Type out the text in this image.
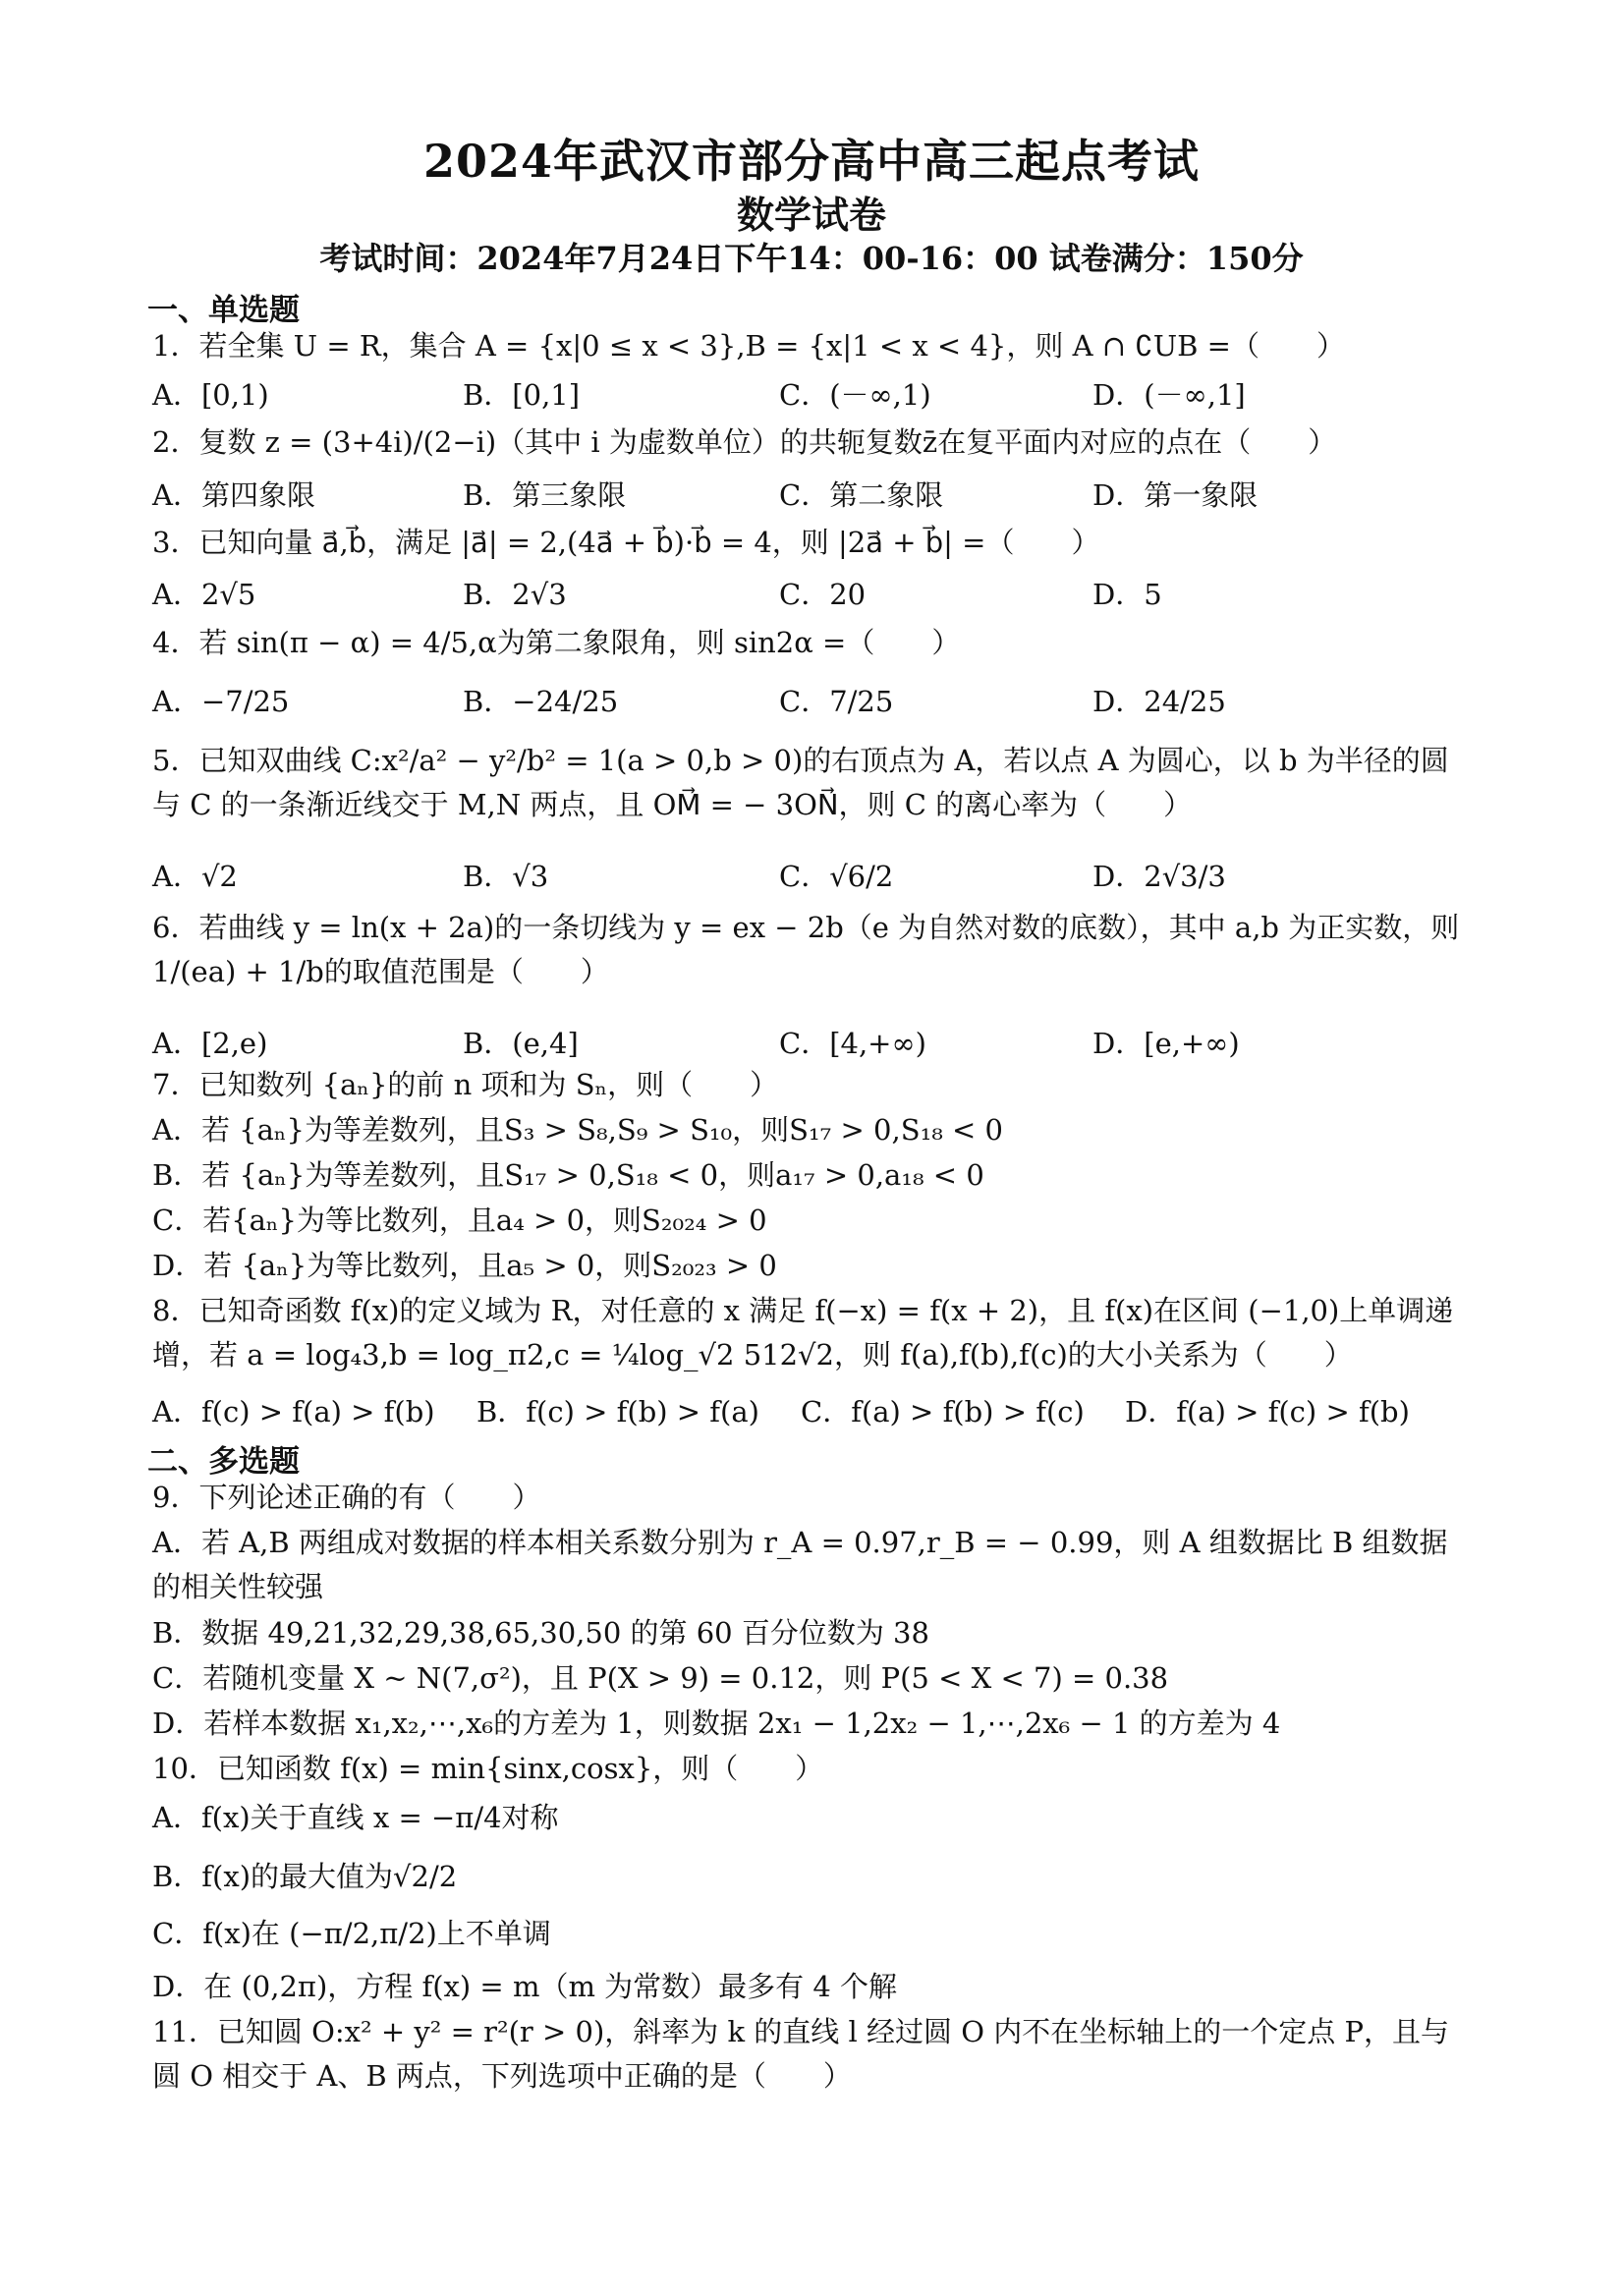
2024年武汉市部分高中高三起点考试
数学试卷
考试时间：2024年7月24日下午14：00-16：00 试卷满分：150分
一、单选题
1．若全集 U = R，集合 A = {x|0 ≤ x < 3},B = {x|1 < x < 4}，则 A ∩ ∁UB =（　　）
A．[0,1)	B．[0,1]	C．(－∞,1)	D．(－∞,1]
2．复数 z = (3+4i)/(2−i)（其中 i 为虚数单位）的共轭复数z̄在复平面内对应的点在（　　）
A．第四象限	B．第三象限	C．第二象限	D．第一象限
3．已知向量 a⃗,b⃗，满足 |a⃗| = 2,(4a⃗ + b⃗)·b⃗ = 4，则 |2a⃗ + b⃗| =（　　）
A．2√5	B．2√3	C．20	D．5
4．若 sin(π − α) = 4/5,α为第二象限角，则 sin2α =（　　）
A．−7/25	B．−24/25	C．7/25	D．24/25
5．已知双曲线 C:x²/a² − y²/b² = 1(a > 0,b > 0)的右顶点为 A，若以点 A 为圆心，以 b 为半径的圆与 C 的一条渐近线交于 M,N 两点，且 OM⃗ = − 3ON⃗，则 C 的离心率为（　　）
A．√2	B．√3	C．√6/2	D．2√3/3
6．若曲线 y = ln(x + 2a)的一条切线为 y = ex − 2b（e 为自然对数的底数），其中 a,b 为正实数，则1/(ea) + 1/b的取值范围是（　　）
A．[2,e)	B．(e,4]	C．[4,+∞)	D．[e,+∞)
7．已知数列 {aₙ}的前 n 项和为 Sₙ，则（　　）
A．若 {aₙ}为等差数列，且S₃ > S₈,S₉ > S₁₀，则S₁₇ > 0,S₁₈ < 0
B．若 {aₙ}为等差数列，且S₁₇ > 0,S₁₈ < 0，则a₁₇ > 0,a₁₈ < 0
C．若{aₙ}为等比数列，且a₄ > 0，则S₂₀₂₄ > 0
D．若 {aₙ}为等比数列，且a₅ > 0，则S₂₀₂₃ > 0
8．已知奇函数 f(x)的定义域为 R，对任意的 x 满足 f(−x) = f(x + 2)，且 f(x)在区间 (−1,0)上单调递增，若 a = log₄3,b = log_π2,c = ¼log_√2 512√2，则 f(a),f(b),f(c)的大小关系为（　　）
A．f(c) > f(a) > f(b) B．f(c) > f(b) > f(a) C．f(a) > f(b) > f(c) D．f(a) > f(c) > f(b)
二、多选题
9．下列论述正确的有（　　）
A．若 A,B 两组成对数据的样本相关系数分别为 r_A = 0.97,r_B = − 0.99，则 A 组数据比 B 组数据的相关性较强
B．数据 49,21,32,29,38,65,30,50 的第 60 百分位数为 38
C．若随机变量 X ~ N(7,σ²)，且 P(X > 9) = 0.12，则 P(5 < X < 7) = 0.38
D．若样本数据 x₁,x₂,⋯,x₆的方差为 1，则数据 2x₁ − 1,2x₂ − 1,⋯,2x₆ − 1 的方差为 4
10．已知函数 f(x) = min{sinx,cosx}，则（　　）
A．f(x)关于直线 x = −π/4对称
B．f(x)的最大值为√2/2
C．f(x)在 (−π/2,π/2)上不单调
D．在 (0,2π)，方程 f(x) = m（m 为常数）最多有 4 个解
11．已知圆 O:x² + y² = r²(r > 0)，斜率为 k 的直线 l 经过圆 O 内不在坐标轴上的一个定点 P，且与圆 O 相交于 A、B 两点，下列选项中正确的是（　　）
